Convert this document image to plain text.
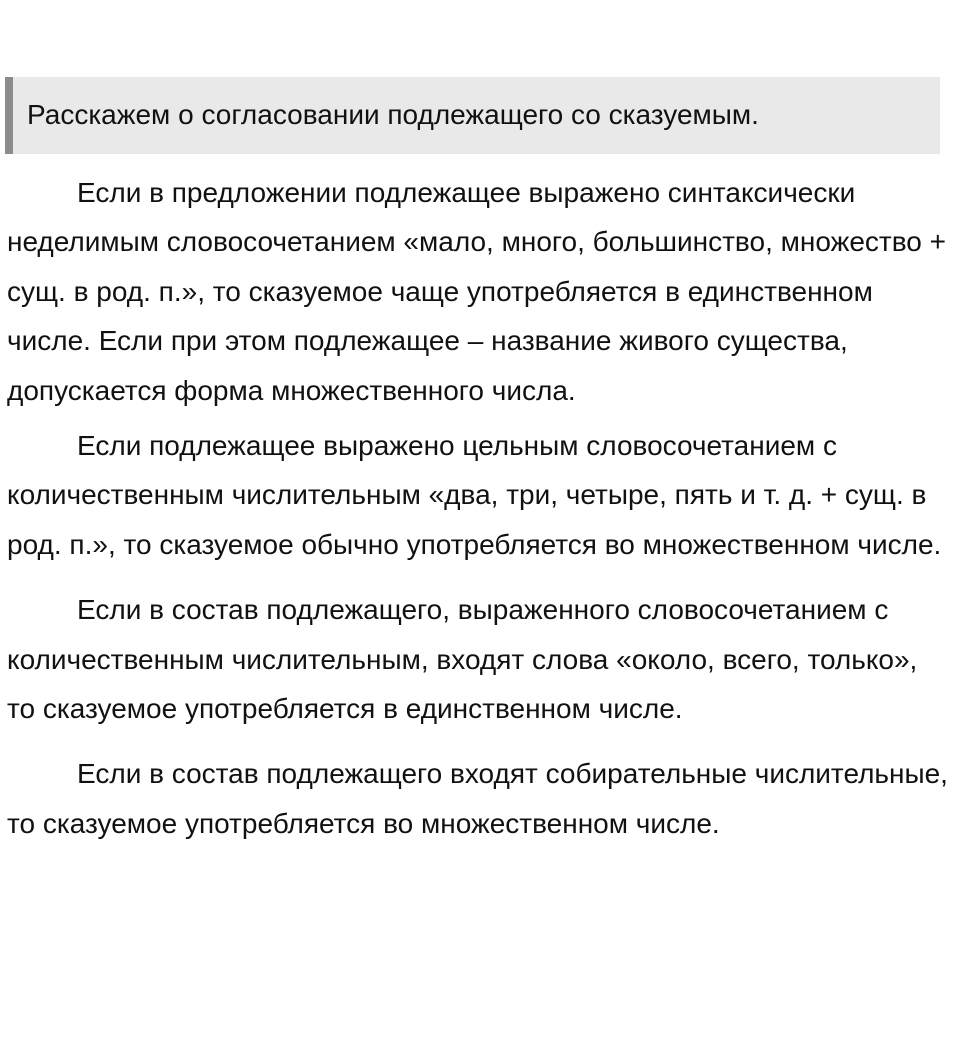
Расскажем о согласовании подлежащего со сказуемым.

Если в предложении подлежащее выражено синтаксически неделимым словосочетанием «мало, много, большинство, множество + сущ. в род. п.», то сказуемое чаще употребляется в единственном числе. Если при этом подлежащее – название живого существа, допускается форма множественного числа.

Если подлежащее выражено цельным словосочетанием с количественным числительным «два, три, четыре, пять и т. д. + сущ. в род. п.», то сказуемое обычно употребляется во множественном числе.

Если в состав подлежащего, выраженного словосочетанием с количественным числительным, входят слова «около, всего, только», то сказуемое употребляется в единственном числе.

Если в состав подлежащего входят собирательные числительные, то сказуемое употребляется во множественном числе.
